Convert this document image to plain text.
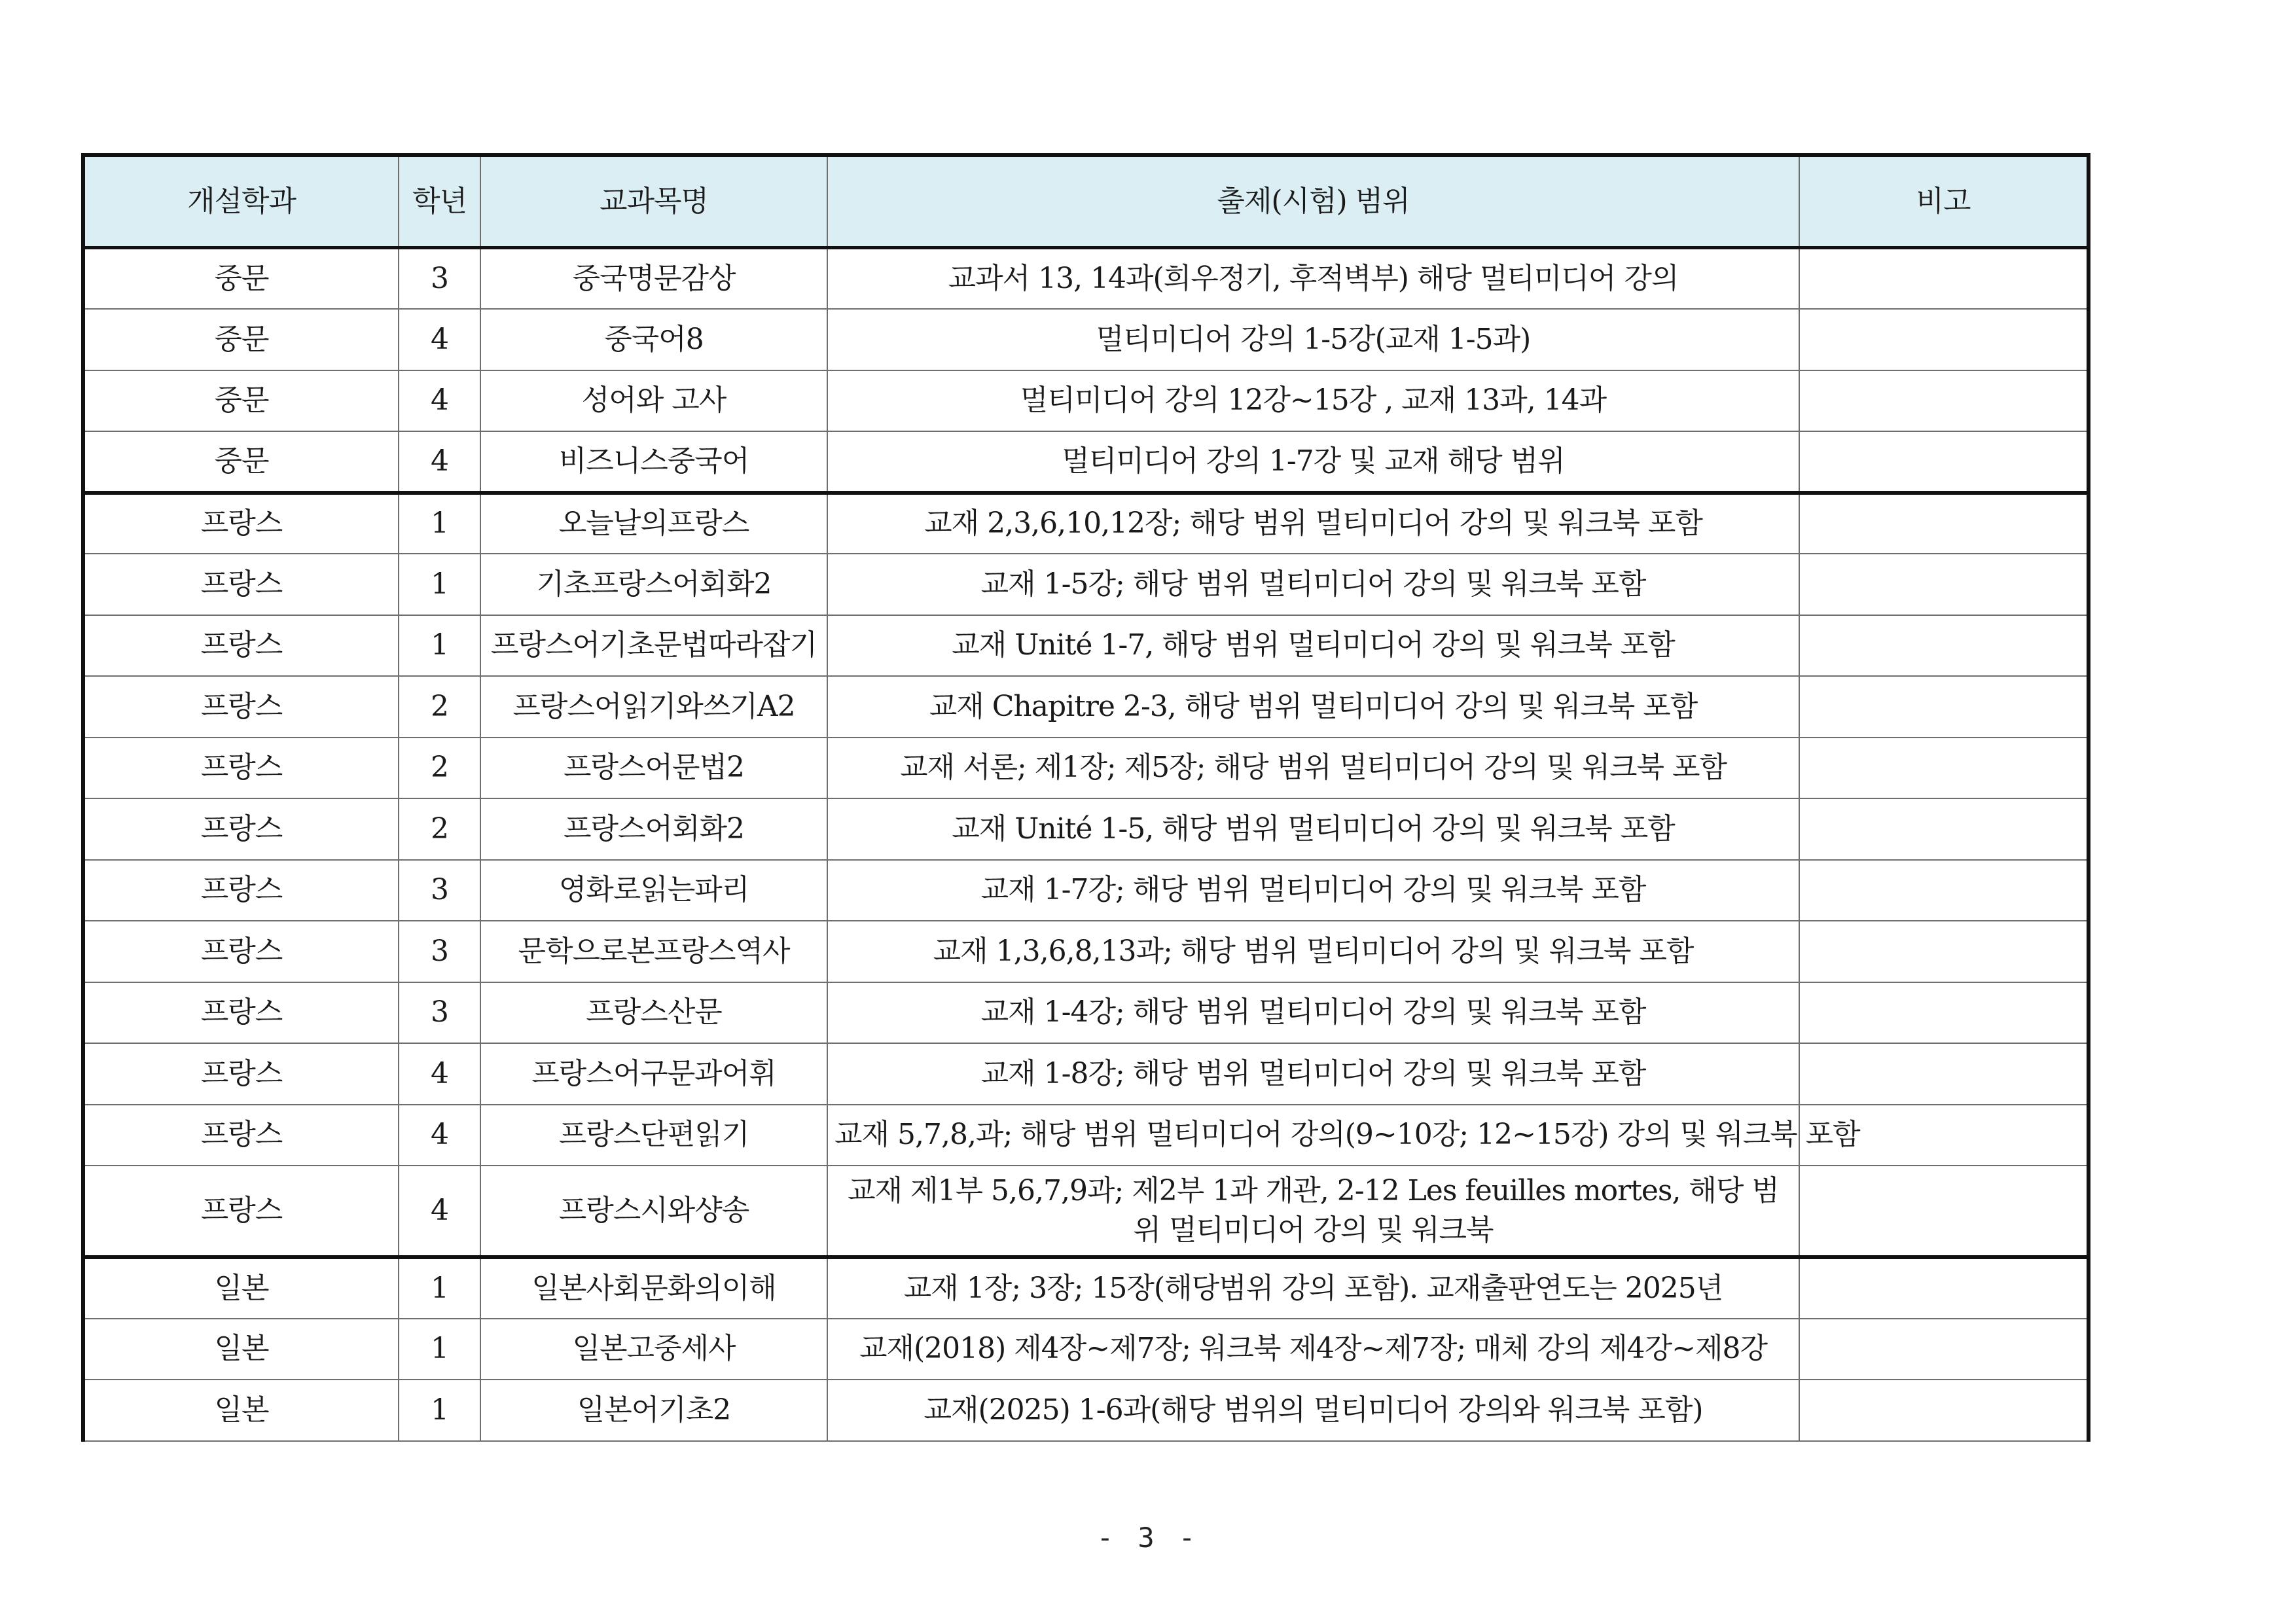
개설학과	학년	교과목명	출제(시험) 범위	비고
중문	3	중국명문감상	교과서 13, 14과(희우정기, 후적벽부) 해당 멀티미디어 강의	
중문	4	중국어8	멀티미디어 강의 1-5강(교재 1-5과)	
중문	4	성어와 고사	멀티미디어 강의 12강~15강 , 교재 13과, 14과	
중문	4	비즈니스중국어	멀티미디어 강의 1-7강 및 교재 해당 범위	
프랑스	1	오늘날의프랑스	교재 2,3,6,10,12장; 해당 범위 멀티미디어 강의 및 워크북 포함	
프랑스	1	기초프랑스어회화2	교재 1-5강; 해당 범위 멀티미디어 강의 및 워크북 포함	
프랑스	1	프랑스어기초문법따라잡기	교재 Unité 1-7, 해당 범위 멀티미디어 강의 및 워크북 포함	
프랑스	2	프랑스어읽기와쓰기A2	교재 Chapitre 2-3, 해당 범위 멀티미디어 강의 및 워크북 포함	
프랑스	2	프랑스어문법2	교재 서론; 제1장; 제5장; 해당 범위 멀티미디어 강의 및 워크북 포함	
프랑스	2	프랑스어회화2	교재 Unité 1-5, 해당 범위 멀티미디어 강의 및 워크북 포함	
프랑스	3	영화로읽는파리	교재 1-7강; 해당 범위 멀티미디어 강의 및 워크북 포함	
프랑스	3	문학으로본프랑스역사	교재 1,3,6,8,13과; 해당 범위 멀티미디어 강의 및 워크북 포함	
프랑스	3	프랑스산문	교재 1-4강; 해당 범위 멀티미디어 강의 및 워크북 포함	
프랑스	4	프랑스어구문과어휘	교재 1-8강; 해당 범위 멀티미디어 강의 및 워크북 포함	
프랑스	4	프랑스단편읽기	교재 5,7,8,과; 해당 범위 멀티미디어 강의(9~10강; 12~15강) 강의 및 워크북 포함	
프랑스	4	프랑스시와샹송	교재 제1부 5,6,7,9과; 제2부 1과 개관, 2-12 Les feuilles mortes, 해당 범위 멀티미디어 강의 및 워크북	
일본	1	일본사회문화의이해	교재 1장; 3장; 15장(해당범위 강의 포함). 교재출판연도는 2025년	
일본	1	일본고중세사	교재(2018) 제4장~제7장; 워크북 제4장~제7장; 매체 강의 제4강~제8강	
일본	1	일본어기초2	교재(2025) 1-6과(해당 범위의 멀티미디어 강의와 워크북 포함)	
- 3 -
